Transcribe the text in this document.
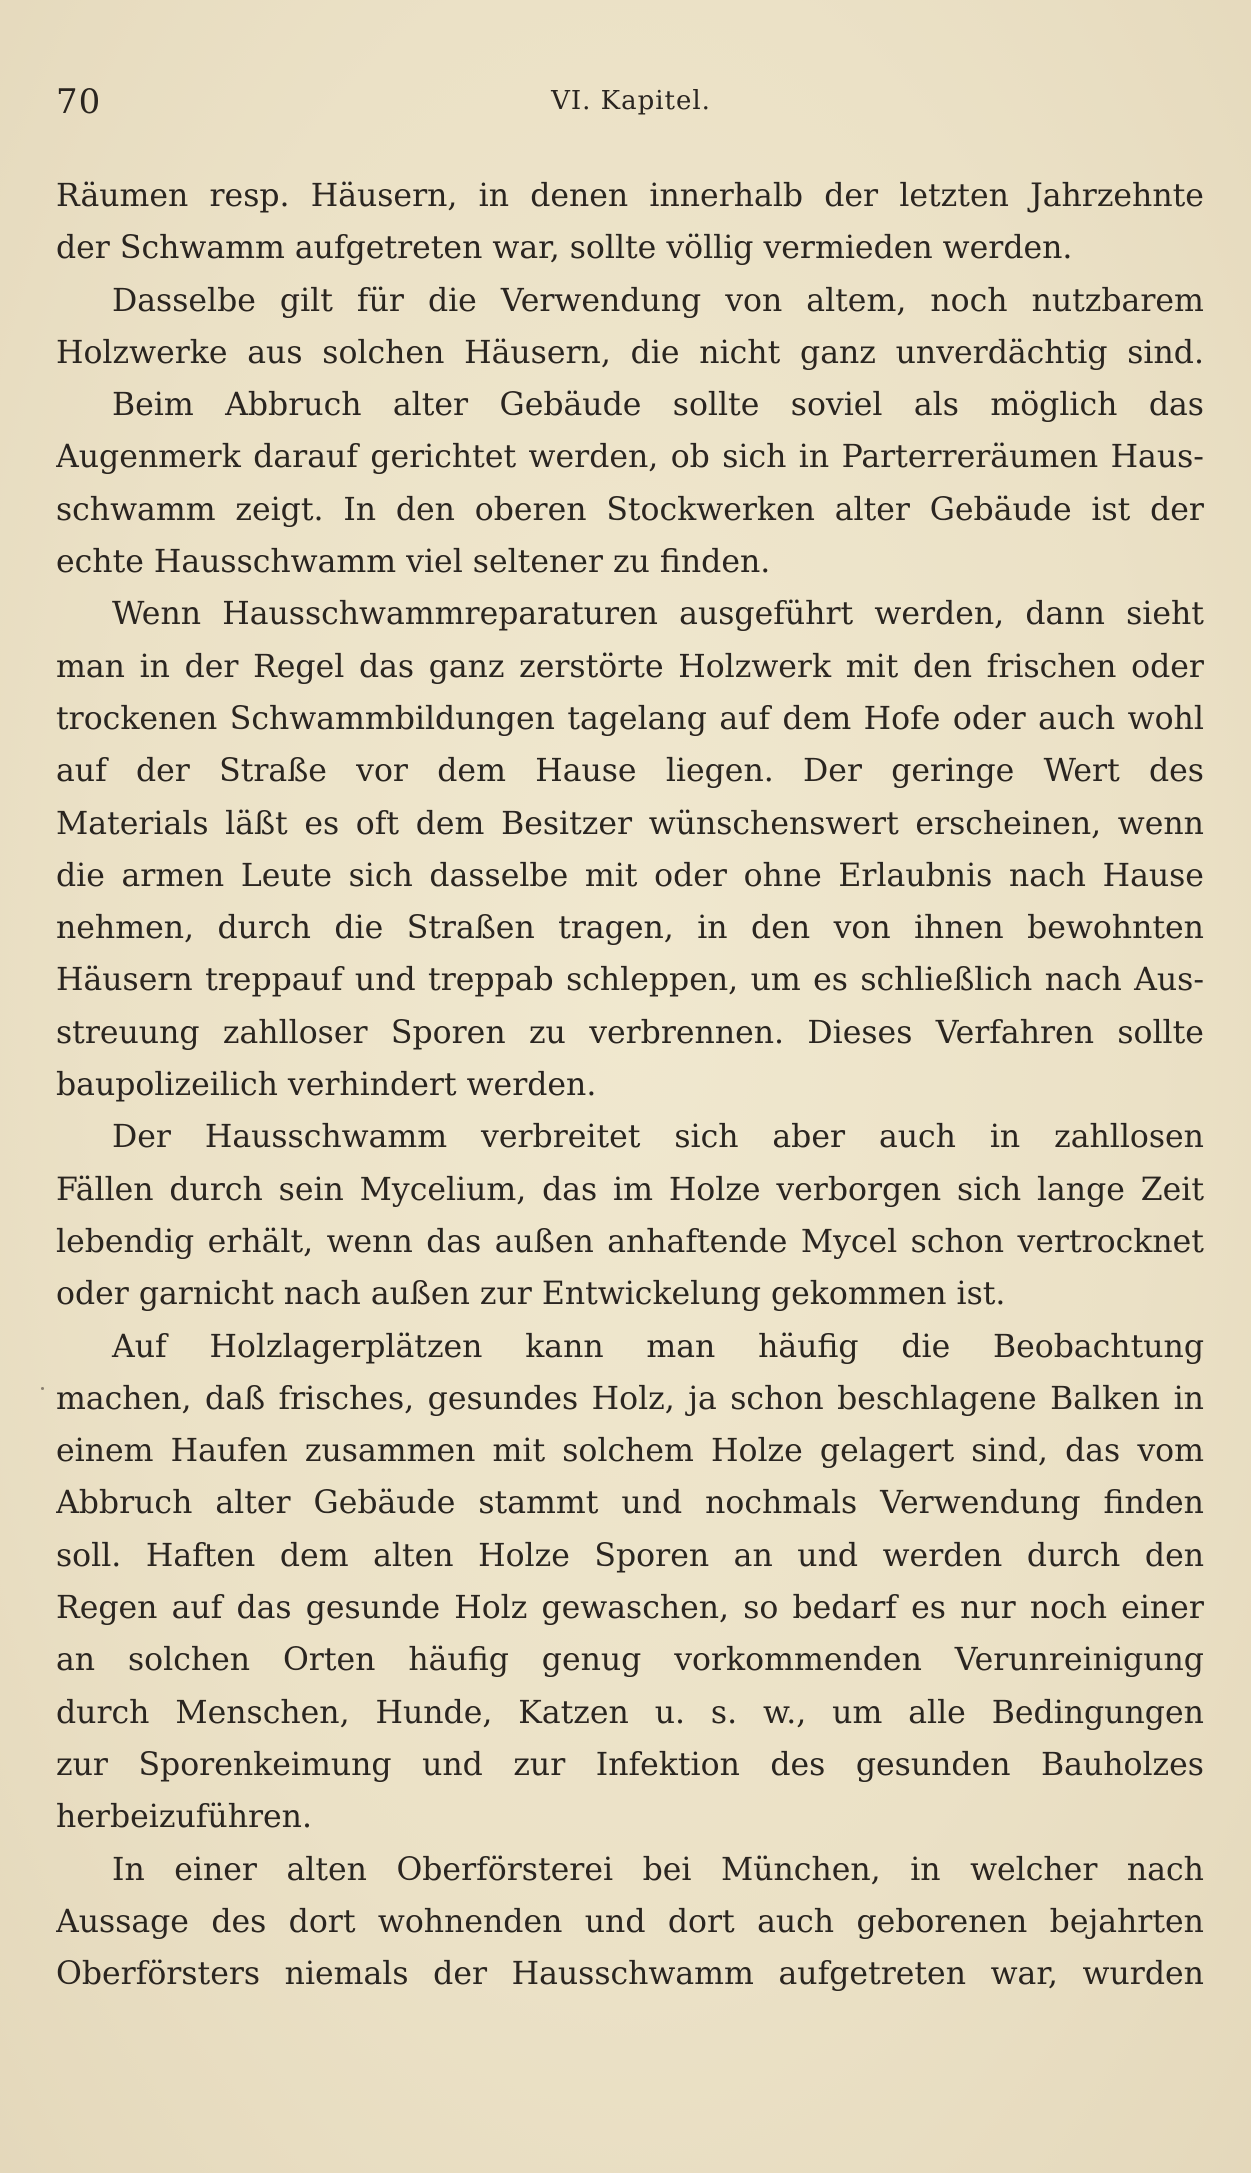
70	VI. Kapitel.
Räumen resp. Häusern, in denen innerhalb der letzten Jahrzehnte
der Schwamm aufgetreten war, sollte völlig vermieden werden.
Dasselbe gilt für die Verwendung von altem, noch nutzbarem
Holzwerke aus solchen Häusern, die nicht ganz unverdächtig sind.
Beim Abbruch alter Gebäude sollte soviel als möglich das
Augenmerk darauf gerichtet werden, ob sich in Parterreräumen Haus-
schwamm zeigt. In den oberen Stockwerken alter Gebäude ist der
echte Hausschwamm viel seltener zu finden.
Wenn Hausschwammreparaturen ausgeführt werden, dann sieht
man in der Regel das ganz zerstörte Holzwerk mit den frischen oder
trockenen Schwammbildungen tagelang auf dem Hofe oder auch wohl
auf der Straße vor dem Hause liegen. Der geringe Wert des
Materials läßt es oft dem Besitzer wünschenswert erscheinen, wenn
die armen Leute sich dasselbe mit oder ohne Erlaubnis nach Hause
nehmen, durch die Straßen tragen, in den von ihnen bewohnten
Häusern treppauf und treppab schleppen, um es schließlich nach Aus-
streuung zahlloser Sporen zu verbrennen. Dieses Verfahren sollte
baupolizeilich verhindert werden.
Der Hausschwamm verbreitet sich aber auch in zahllosen
Fällen durch sein Mycelium, das im Holze verborgen sich lange Zeit
lebendig erhält, wenn das außen anhaftende Mycel schon vertrocknet
oder garnicht nach außen zur Entwickelung gekommen ist.
Auf Holzlagerplätzen kann man häufig die Beobachtung
machen, daß frisches, gesundes Holz, ja schon beschlagene Balken in
einem Haufen zusammen mit solchem Holze gelagert sind, das vom
Abbruch alter Gebäude stammt und nochmals Verwendung finden
soll. Haften dem alten Holze Sporen an und werden durch den
Regen auf das gesunde Holz gewaschen, so bedarf es nur noch einer
an solchen Orten häufig genug vorkommenden Verunreinigung
durch Menschen, Hunde, Katzen u. s. w., um alle Bedingungen
zur Sporenkeimung und zur Infektion des gesunden Bauholzes
herbeizuführen.
In einer alten Oberförsterei bei München, in welcher nach
Aussage des dort wohnenden und dort auch geborenen bejahrten
Oberförsters niemals der Hausschwamm aufgetreten war, wurden
